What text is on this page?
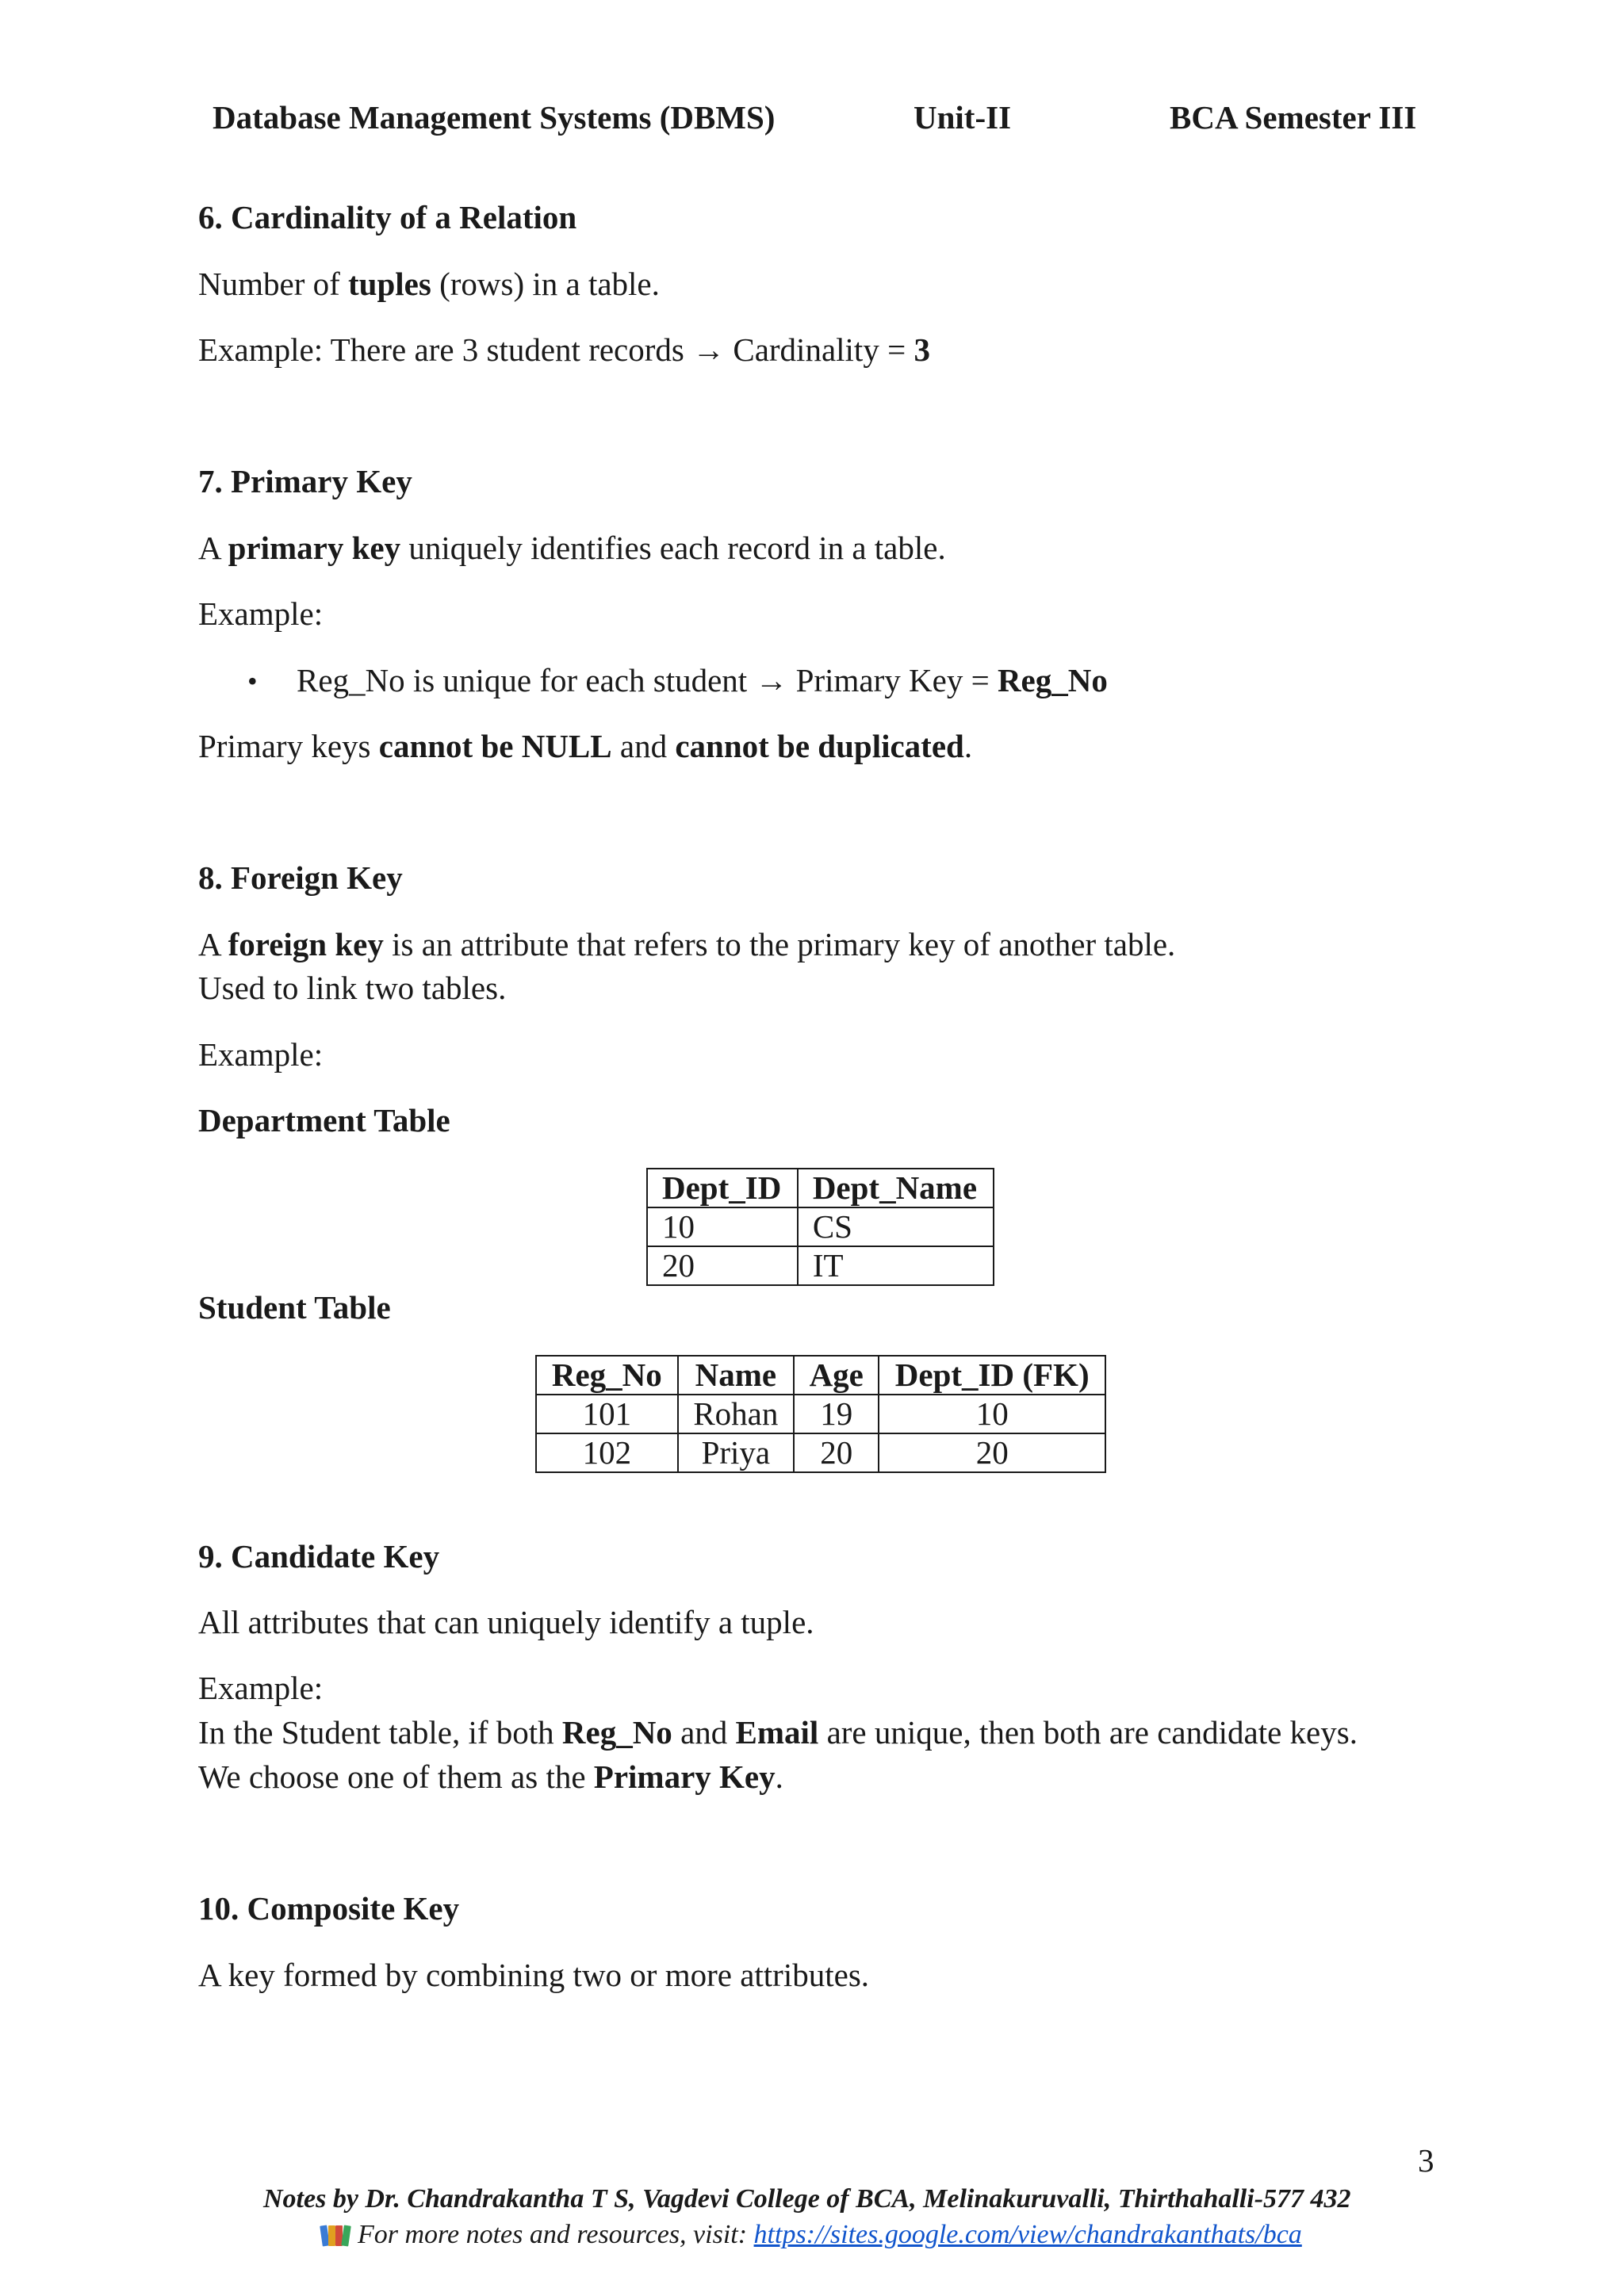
Database Management Systems (DBMS)	Unit-II	BCA Semester III
6. Cardinality of a Relation
Number of tuples (rows) in a table.
Example: There are 3 student records → Cardinality = 3
7. Primary Key
A primary key uniquely identifies each record in a table.
Example:
• Reg_No is unique for each student → Primary Key = Reg_No
Primary keys cannot be NULL and cannot be duplicated.
8. Foreign Key
A foreign key is an attribute that refers to the primary key of another table.
Used to link two tables.
Example:
Department Table
Dept_ID	Dept_Name
10	CS
20	IT
Student Table
Reg_No	Name	Age	Dept_ID (FK)
101	Rohan	19	10
102	Priya	20	20
9. Candidate Key
All attributes that can uniquely identify a tuple.
Example:
In the Student table, if both Reg_No and Email are unique, then both are candidate keys.
We choose one of them as the Primary Key.
10. Composite Key
A key formed by combining two or more attributes.
3
Notes by Dr. Chandrakantha T S, Vagdevi College of BCA, Melinakuruvalli, Thirthahalli-577 432
For more notes and resources, visit: https://sites.google.com/view/chandrakanthats/bca
